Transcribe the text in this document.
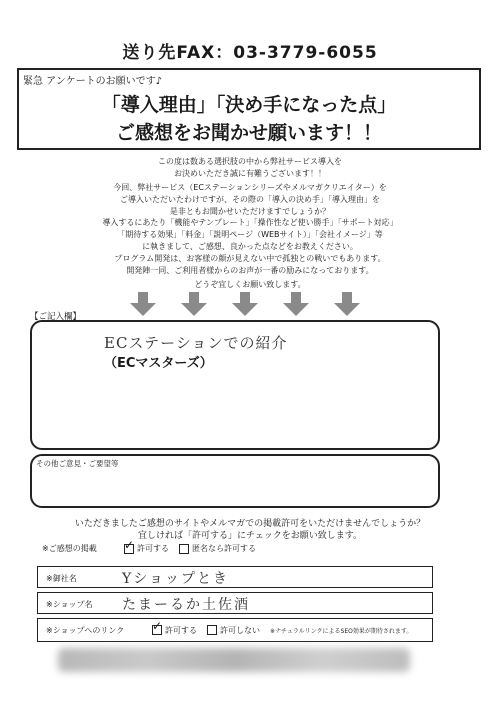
送り先FAX：03-3779-6055
緊急 アンケートのお願いです♪
「導入理由」「決め手になった点」
ご感想をお聞かせ願います！！
この度は数ある選択肢の中から弊社サービス導入を
お決めいただき誠に有難うございます！！
今回、弊社サービス（ECステーションシリーズやメルマガクリエイター）を
ご導入いただいたわけですが、その際の「導入の決め手」「導入理由」を
是非ともお聞かせいただけますでしょうか？
導入するにあたり「機能やテンプレート」「操作性など使い勝手」「サポート対応」
「期待する効果」「料金」「説明ページ（WEBサイト）」「会社イメージ」等
に執きまして、ご感想、良かった点などをお教えください。
プログラム開発は、お客様の顔が見えない中で孤独との戦いでもあります。
開発陣一同、ご利用者様からのお声が一番の励みになっております。
どうぞ宜しくお願い致します。
【ご記入欄】
ECステーションでの紹介
（ECマスターズ）
その他ご意見・ご要望等
いただきましたご感想のサイトやメルマガでの掲載許可をいただけませんでしょうか？
宜しければ「許可する」にチェックをお願い致します。
※ご感想の掲載 ✓	許可する	匿名なら許可する
※御社名	Yショップとき
※ショップ名 たまーるか土佐酒
※ショップへのリンク ✓	許可する	許可しない ※ナチュラルリンクによるSEO効果が期待されます。
